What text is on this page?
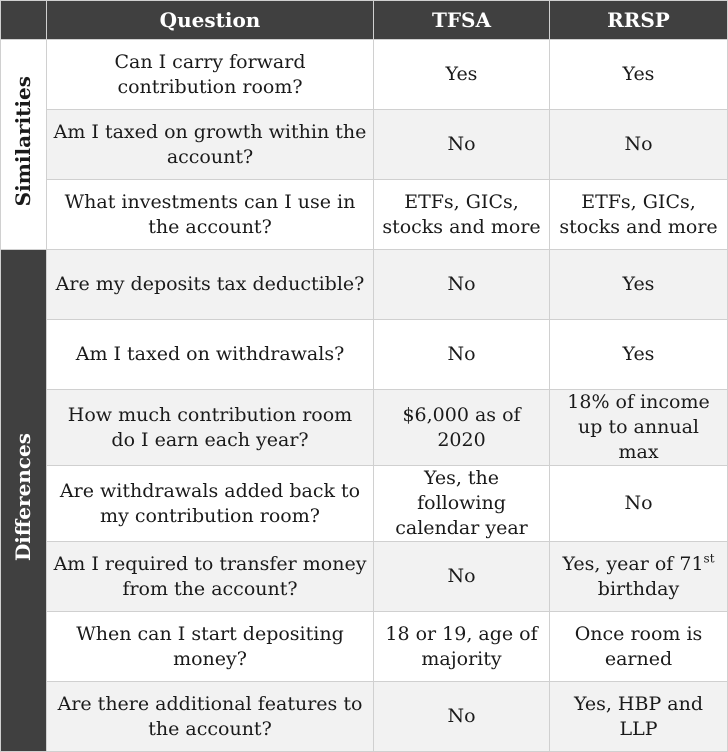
	Question	TFSA	RRSP
Similarities	Can I carry forward contribution room?	Yes	Yes
	Am I taxed on growth within the account?	No	No
	What investments can I use in the account?	ETFs, GICs, stocks and more	ETFs, GICs, stocks and more
Differences	Are my deposits tax deductible?	No	Yes
	Am I taxed on withdrawals?	No	Yes
	How much contribution room do I earn each year?	$6,000 as of 2020	18% of income up to annual max
	Are withdrawals added back to my contribution room?	Yes, the following calendar year	No
	Am I required to transfer money from the account?	No	Yes, year of 71st birthday
	When can I start depositing money?	18 or 19, age of majority	Once room is earned
	Are there additional features to the account?	No	Yes, HBP and LLP
